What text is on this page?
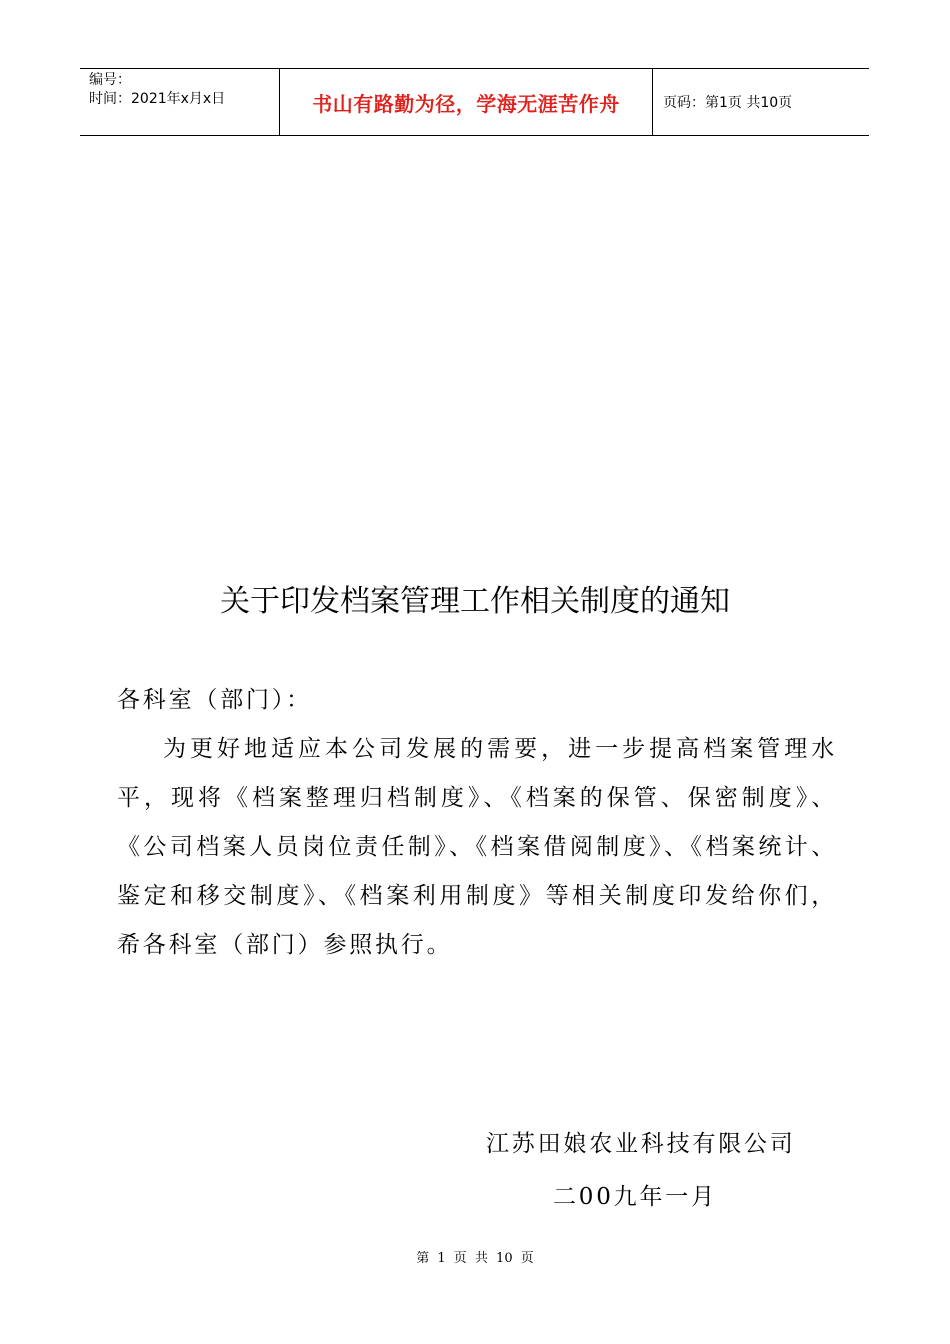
编号：
时间：2021年x月x日	书山有路勤为径，学海无涯苦作舟	页码：第1页 共10页
关于印发档案管理工作相关制度的通知

各科室（部门）：

为更好地适应本公司发展的需要，进一步提高档案管理水平，现将《档案整理归档制度》、《档案的保管、保密制度》、《公司档案人员岗位责任制》、《档案借阅制度》、《档案统计、鉴定和移交制度》、《档案利用制度》等相关制度印发给你们，希各科室（部门）参照执行。

江苏田娘农业科技有限公司
二00九年一月
第 1 页 共 10 页
